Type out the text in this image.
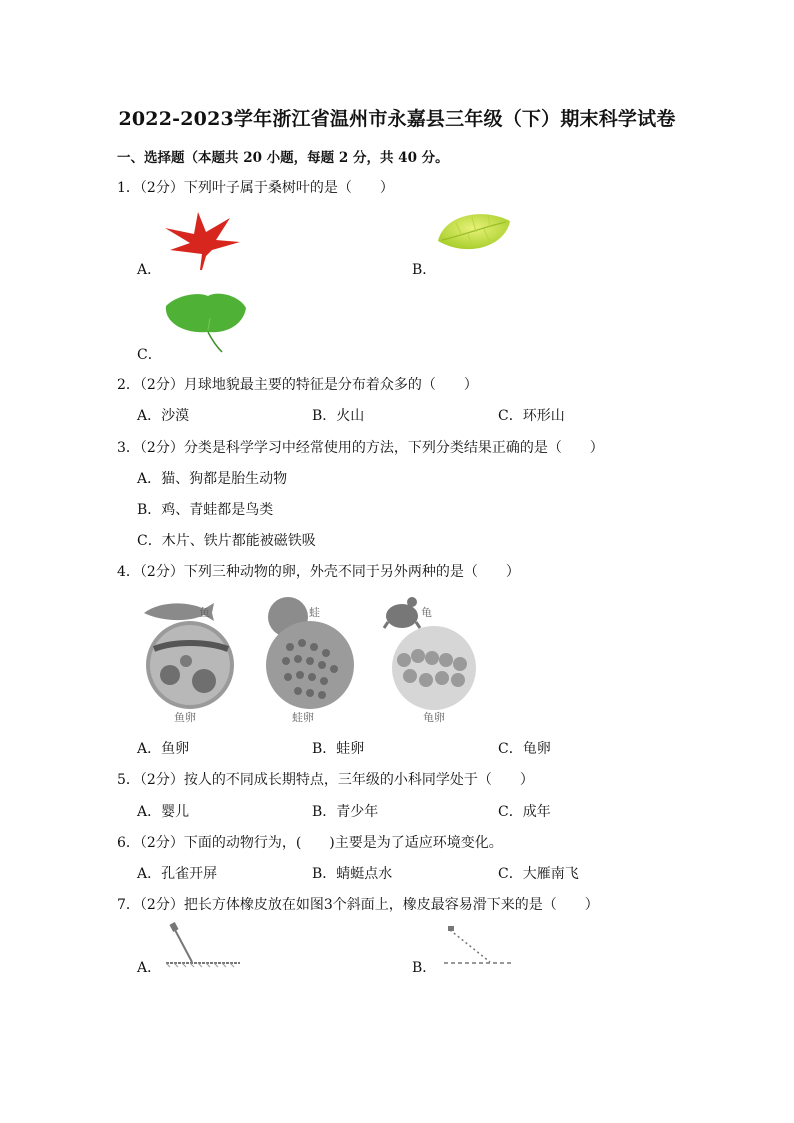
2022-2023学年浙江省温州市永嘉县三年级（下）期末科学试卷
一、选择题（本题共 20 小题，每题 2 分，共 40 分。
1．（2分）下列叶子属于桑树叶的是（　　）
A．	B．
C．
2．（2分）月球地貌最主要的特征是分布着众多的（　　）
A．沙漠	B．火山	C．环形山
3．（2分）分类是科学学习中经常使用的方法，下列分类结果正确的是（　　）
A．猫、狗都是胎生动物
B．鸡、青蛙都是鸟类
C．木片、铁片都能被磁铁吸
4．（2分）下列三种动物的卵，外壳不同于另外两种的是（　　）
鱼
鱼卵
蛙
蛙卵
龟
龟卵
A．鱼卵	B．蛙卵	C．龟卵
5．（2分）按人的不同成长期特点，三年级的小科同学处于（　　）
A．婴儿	B．青少年	C．成年
6．（2分）下面的动物行为，(　　)主要是为了适应环境变化。
A．孔雀开屏	B．蜻蜓点水	C．大雁南飞
7．（2分）把长方体橡皮放在如图3个斜面上，橡皮最容易滑下来的是（　　）
A．	B．
